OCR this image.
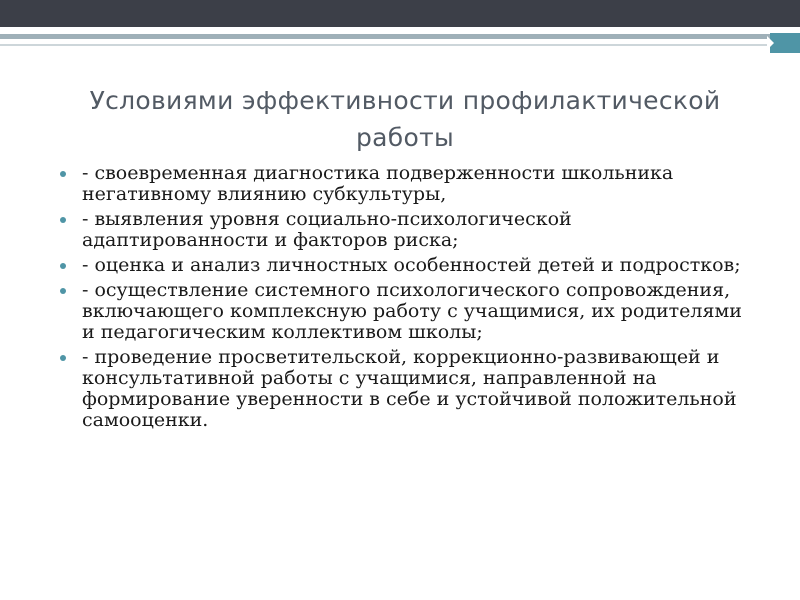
Условиями эффективности профилактической работы
- своевременная диагностика подверженности школьника негативному влиянию субкультуры,
- выявления уровня социально-психологической адаптированности и факторов риска;
- оценка и анализ личностных особенностей детей и подростков;
- осуществление системного психологического сопровождения, включающего комплексную работу с учащимися, их родителями и педагогическим коллективом школы;
- проведение просветительской, коррекционно-развивающей и консультативной работы с учащимися, направленной на формирование уверенности в себе и устойчивой положительной самооценки.
